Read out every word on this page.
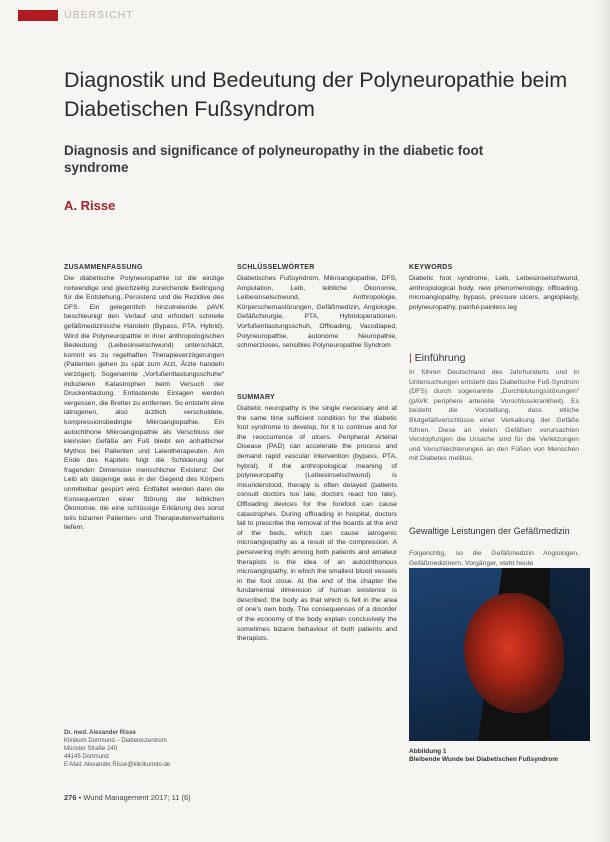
ÜBERSICHT
Diagnostik und Bedeutung der Polyneuropathie beim Diabetischen Fußsyndrom
Diagnosis and significance of polyneuropathy in the diabetic foot syndrome
A. Risse
ZUSAMMENFASSUNG
Die diabetische Polyneuropathie ist die einzige notwendige und gleichzeitig zureichende Bedingung für die Entstehung, Persistenz und die Rezidive des DFS. Ein gelegentlich hinzutretende pAVK beschleunigt den Verlauf und erfordert schnelle gefäßmedizinische Handeln (Bypass, PTA, Hybrid). Wird die Polyneuropathie in ihrer anthropologischen Bedeutung (Leibesinselschwund) unterschätzt, kommt es zu regelhaften Therapieverzögerungen (Patienten gehen zu spät zum Arzt, Ärzte handeln verzögert). Sogenannte „Vorfußentlastungsschuhe“ induzieren Katastrophen beim Versuch der Druckentlastung. Entlastende Einlagen werden vergessen, die Bretter zu entfernen. So entsteht eine iatrogenen, also ärztlich verschuldete, kompressionsbedingte Mikroangiopathie. Ein autochthone Mikroangiopathie als Verschluss der kleinsten Gefäße am Fuß bleibt ein anhaltlicher Mythos bei Patienten und Laientherapeuten. Am Ende des Kapitels folgt die Schilderung der fragenden Dimension menschlicher Existenz: Der Leib als dasjenige was in der Gegend des Körpers unmittelbar gespürt wird. Entfaltet werden dann die Konsequenzen einer Störung der leiblichen Ökonomie, die eine schlüssige Erklärung des sonst teils bizarren Patienten- und Therapeutenverhaltens liefern.
Dr. med. Alexander Risse
Klinikum Dortmund – Diabeteszentrum
Münster Straße 240
44145 Dortmund
E-Mail: Alexander.Risse@klinikumdo.de
276 • Wund Management 2017; 11 (6)
SCHLÜSSELWÖRTER
Diabetisches Fußsyndrom, Mikroangiopathie, DFS, Amputation, Leib, leibliche Ökonomie, Leibesinselschwund, Anthropologie, Körperschemastörungen, Gefäßmedizin, Angiologie, Gefäßchirurgie, PTA, Hybridoperationen, Vorfußentlastungsschuh, Offloading, Vacodiaped, Polyneuropathie, autonome Neuropathie, schmerzloses, sensibles Polyneuropathie Syndrom
SUMMARY
Diabetic neuropathy is the single necessary and at the same time sufficient condition for the diabetic foot syndrome to develop, for it to continue and for the reoccurrence of ulcers. Peripheral Arterial Disease (PAD) can accelerate the process and demand rapid vascular intervention (bypass, PTA, hybrid). If the anthropological meaning of polyneuropathy (Leibesinselschwund) is misunderstood, therapy is often delayed (patients consult doctors too late, doctors react too late). Offloading devices for the forefoot can cause catastrophes. During offloading in hospital, doctors fail to prescribe the removal of the boards at the end of the beds, which can cause iatrogenic microangiopathy as a result of the compression. A persevering myth among both patients and amateur therapists is the idea of an autochthonous microangiopathy, in which the smallest blood vessels in the foot close. At the end of the chapter the fundamental dimension of human existence is described: the body as that which is felt in the area of one's own body. The consequences of a disorder of the economy of the body explain conclusively the sometimes bizarre behaviour of both patients and therapists.
KEYWORDS
Diabetic foot syndrome, Leib, Leibesinselschwund, anthropological body, new phenomenology, offloading, microangiopathy, bypass, pressure ulcers, angioplasty, polyneuropathy, painful-painless leg
| Einführung
In führen Deutschland des Jahrhunderts und in Untersuchungen entsteht das Diabetische Fuß-Syndrom (DFS) durch sogenannte „Durchblutungsstörungen“ (pAVK periphere arterielle Verschlusskrankheit). Es besteht die Vorstellung, dass etliche Blutgefäßverschlüsse einer Verkalkung der Gefäße führen. Diese an vielen Gefäßen verursachten Verstopfungen die Ursache sind für die Verletzungen und Verschlechterungen an den Füßen von Menschen mit Diabetes mellitus.
Gewaltige Leistungen der Gefäßmedizin
Folgerichtig, so die Gefäßmedizin Angiologen, Gefäßmedizinern, Vorgänger, steht heute
Abbildung 1
Bleibende Wunde bei Diabetischen Fußsyndrom
